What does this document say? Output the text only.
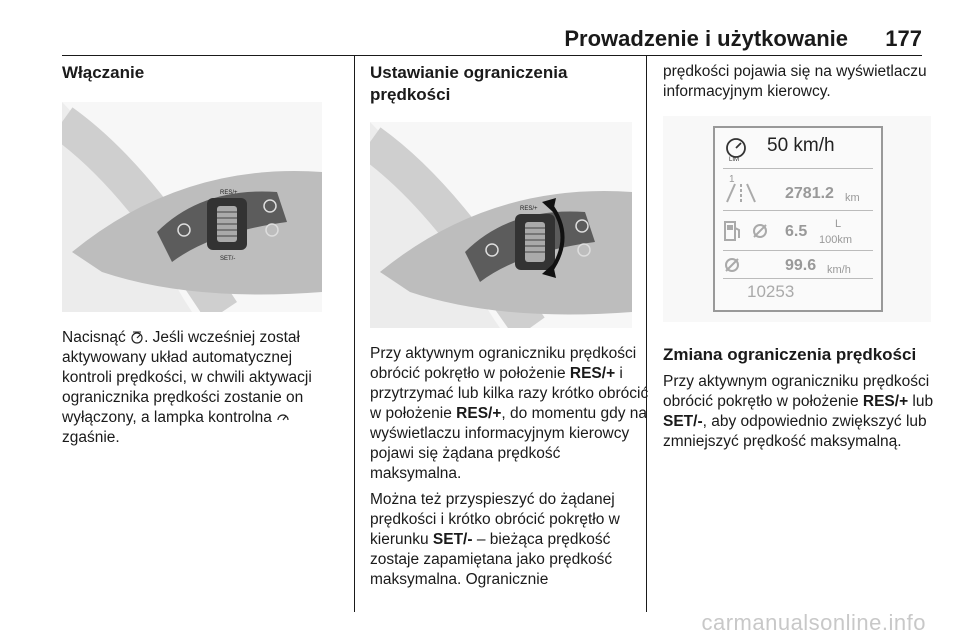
Prowadzenie i użytkowanie 177
Włączanie
RES/+
SET/-

Nacisnąć . Jeśli wcześniej został aktywowany układ automatycznej kontroli prędkości, w chwili aktywacji ogranicznika prędkości zostanie on wyłączony, a lampka kontrolna  zgaśnie.

Ustawianie ograniczenia prędkości
RES/+

Przy aktywnym ograniczniku prędkości obrócić pokrętło w położenie RES/+ i przytrzymać lub kilka razy krótko obrócić w położenie RES/+, do momentu gdy na wyświetlaczu informacyjnym kierowcy pojawi się żądana prędkość maksymalna.

Można też przyspieszyć do żądanej prędkości i krótko obrócić pokrętło w kierunku SET/- – bieżąca prędkość zostaje zapamiętana jako prędkość maksymalna. Ogranicznie

prędkości pojawia się na wyświetlaczu informacyjnym kierowcy.

LIM
50 km/h
1
2781.2 km
6.5	L
100km
99.6 km/h
10253
Zmiana ograniczenia prędkości

Przy aktywnym ograniczniku prędkości obrócić pokrętło w położenie RES/+ lub SET/-, aby odpowiednio zwiększyć lub zmniejszyć prędkość maksymalną.

carmanualsonline.info
